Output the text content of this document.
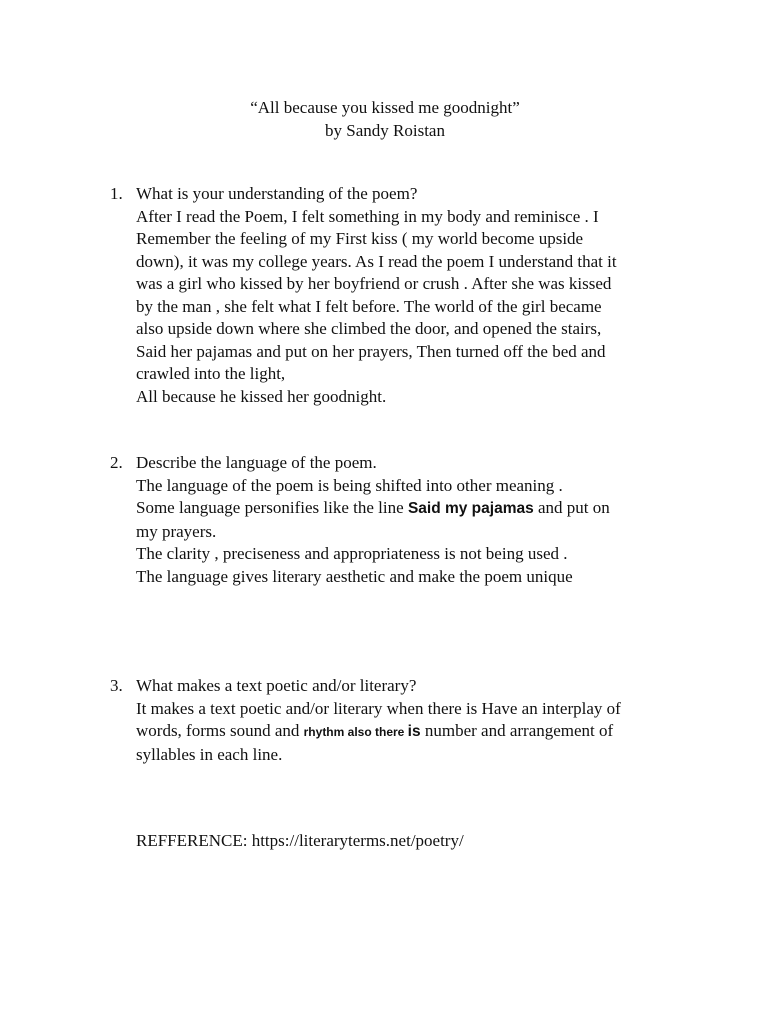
“All because you kissed me goodnight”
by Sandy Roistan
1. What is your understanding of the poem?
After I read the Poem, I felt something in my body and reminisce . I
Remember the feeling of my First kiss ( my world become upside
down), it was my college years. As I read the poem I understand that it
was a girl who kissed by her boyfriend or crush . After she was kissed
by the man , she felt what I felt before. The world of the girl became
also upside down where she climbed the door, and opened the stairs,
Said her pajamas and put on her prayers, Then turned off the bed and
crawled into the light,
All because he kissed her goodnight.
2. Describe the language of the poem.
The language of the poem is being shifted into other meaning .
Some language personifies like the line Said my pajamas and put on
my prayers.
The clarity , preciseness and appropriateness is not being used .
The language gives literary aesthetic and make the poem unique
3. What makes a text poetic and/or literary?
It makes a text poetic and/or literary when there is Have an interplay of
words, forms sound and rhythm also there is number and arrangement of
syllables in each line.
REFFERENCE: https://literaryterms.net/poetry/
